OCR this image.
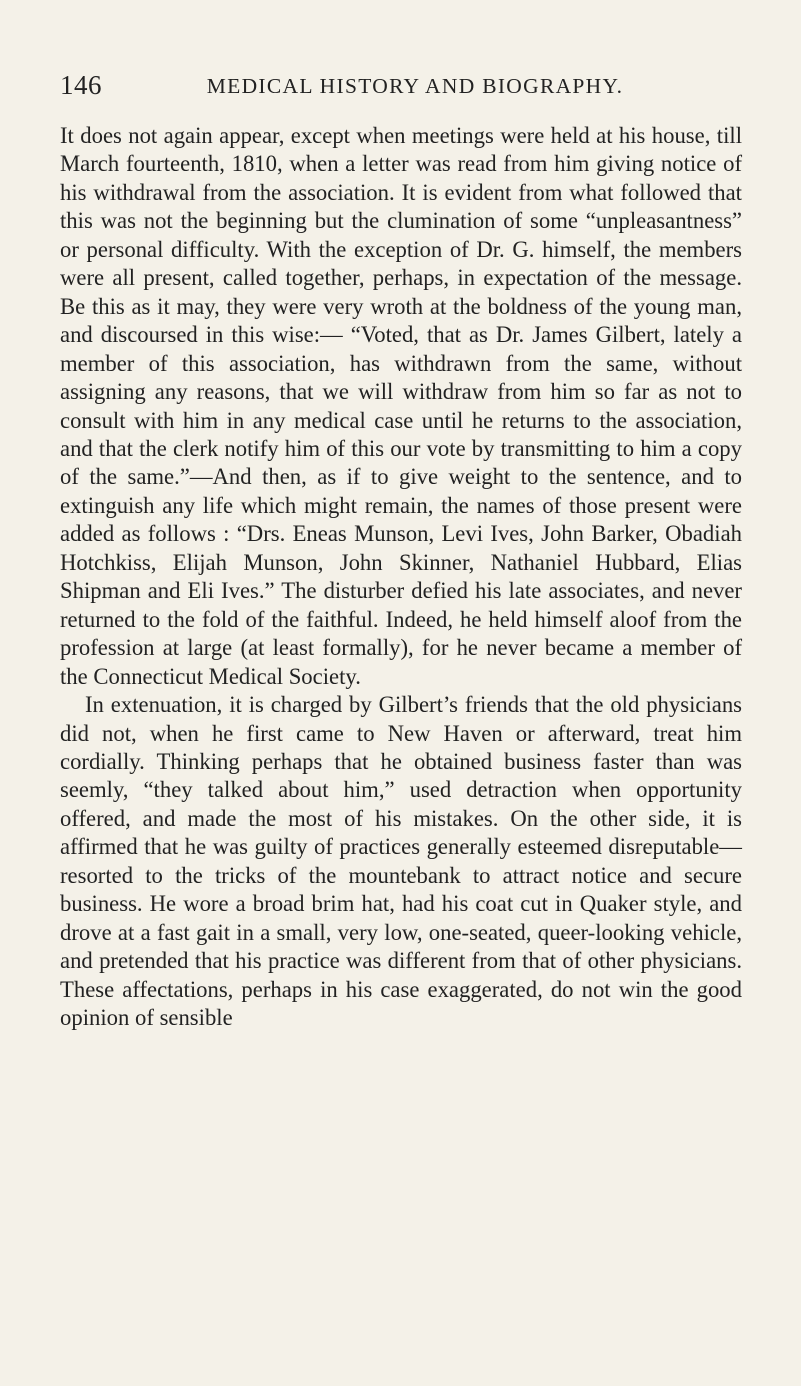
146	MEDICAL HISTORY AND BIOGRAPHY.

It does not again appear, except when meetings were held at his house, till March fourteenth, 1810, when a letter was read from him giving notice of his withdrawal from the association. It is evident from what followed that this was not the beginning but the clumination of some “unpleasantness” or personal difficulty. With the exception of Dr. G. himself, the members were all present, called together, perhaps, in expectation of the message. Be this as it may, they were very wroth at the boldness of the young man, and discoursed in this wise:— “Voted, that as Dr. James Gilbert, lately a member of this association, has withdrawn from the same, without assigning any reasons, that we will withdraw from him so far as not to consult with him in any medical case until he returns to the association, and that the clerk notify him of this our vote by transmitting to him a copy of the same.”—And then, as if to give weight to the sentence, and to extinguish any life which might remain, the names of those present were added as follows : “Drs. Eneas Munson, Levi Ives, John Barker, Obadiah Hotchkiss, Elijah Munson, John Skinner, Nathaniel Hubbard, Elias Shipman and Eli Ives.” The disturber defied his late associates, and never returned to the fold of the faithful. Indeed, he held himself aloof from the profession at large (at least formally), for he never became a member of the Connecticut Medical Society.

In extenuation, it is charged by Gilbert’s friends that the old physicians did not, when he first came to New Haven or afterward, treat him cordially. Thinking perhaps that he obtained business faster than was seemly, “they talked about him,” used detraction when opportunity offered, and made the most of his mistakes. On the other side, it is affirmed that he was guilty of practices generally esteemed disreputable—resorted to the tricks of the mountebank to attract notice and secure business. He wore a broad brim hat, had his coat cut in Quaker style, and drove at a fast gait in a small, very low, one-seated, queer-looking vehicle, and pretended that his practice was different from that of other physicians. These affectations, perhaps in his case exaggerated, do not win the good opinion of sensible
